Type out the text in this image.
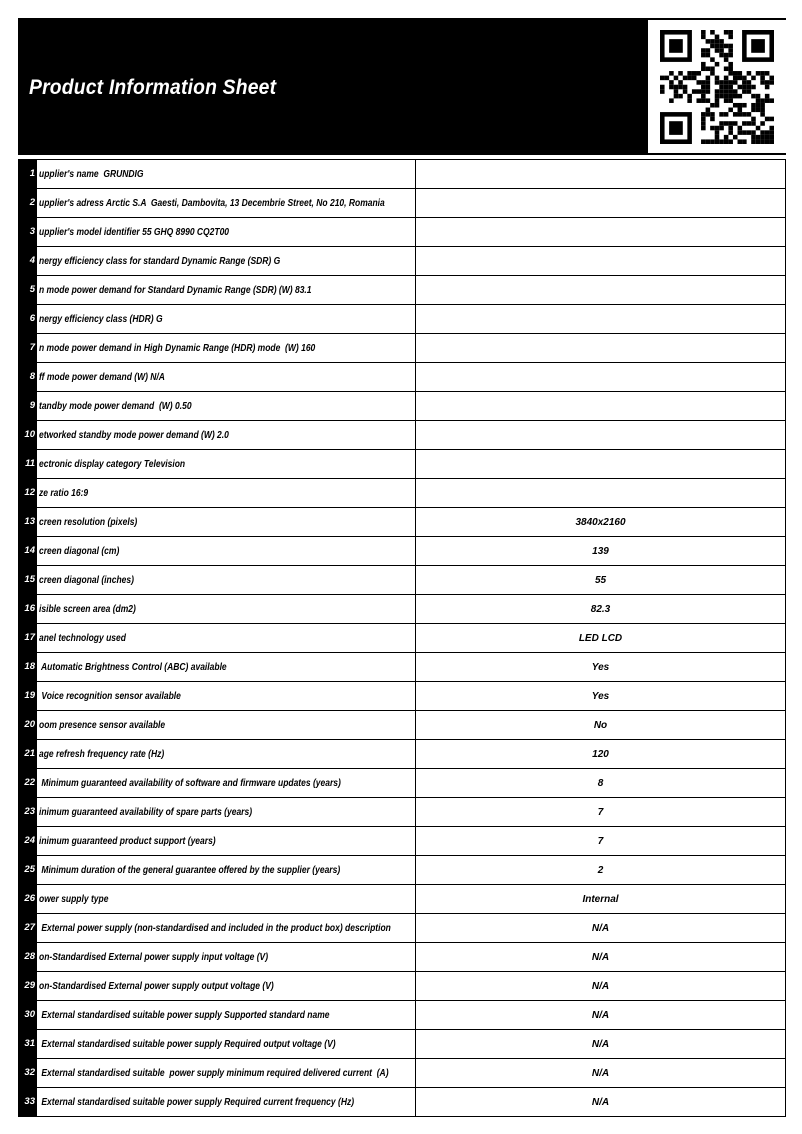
Product Information Sheet
1 upplier's name  GRUNDIG
2 upplier's adress Arctic S.A  Gaesti, Dambovita, 13 Decembrie Street, No 210, Romania
3 upplier's model identifier 55 GHQ 8990 CQ2T00
4 nergy efficiency class for standard Dynamic Range (SDR) G
5 n mode power demand for Standard Dynamic Range (SDR) (W) 83.1
6 nergy efficiency class (HDR) G
7 n mode power demand in High Dynamic Range (HDR) mode  (W) 160
8 ff mode power demand (W) N/A
9 tandby mode power demand  (W) 0.50
10 etworked standby mode power demand (W) 2.0
11 ectronic display category Television
12 ze ratio 16:9
13 creen resolution (pixels)	3840x2160
14 creen diagonal (cm)	139
15 creen diagonal (inches)	55
16 isible screen area (dm2)	82.3
17 anel technology used	LED LCD
18 Automatic Brightness Control (ABC) available	Yes
19 Voice recognition sensor available	Yes
20 oom presence sensor available	No
21 age refresh frequency rate (Hz)	120
22 Minimum guaranteed availability of software and firmware updates (years)	8
23 inimum guaranteed availability of spare parts (years)	7
24 inimum guaranteed product support (years)	7
25 Minimum duration of the general guarantee offered by the supplier (years)	2
26 ower supply type	Internal
27 External power supply (non-standardised and included in the product box) description	N/A
28 on-Standardised External power supply input voltage (V)	N/A
29 on-Standardised External power supply output voltage (V)	N/A
30 External standardised suitable power supply Supported standard name	N/A
31 External standardised suitable power supply Required output voltage (V)	N/A
32 External standardised suitable  power supply minimum required delivered current  (A)	N/A
33 External standardised suitable power supply Required current frequency (Hz)	N/A
